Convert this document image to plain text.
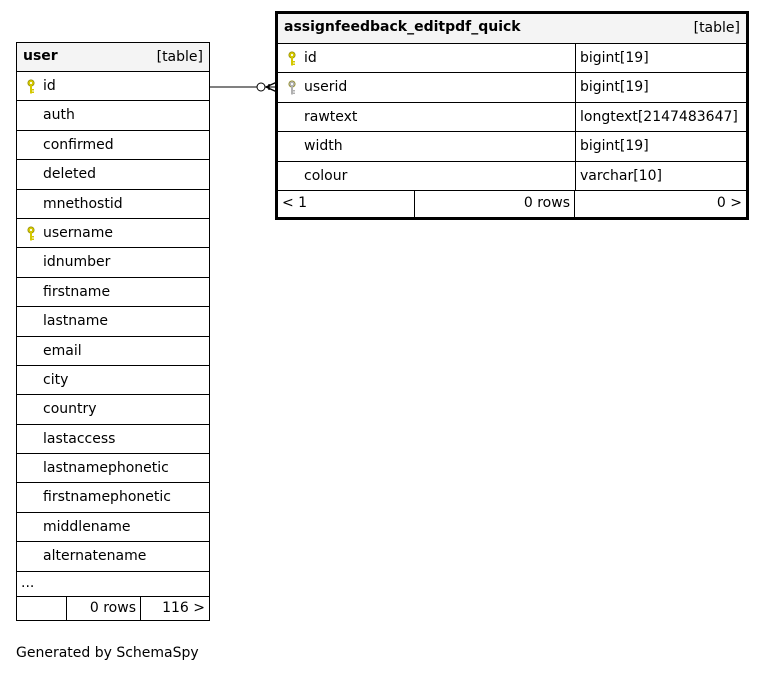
user	[table]
id
auth
confirmed
deleted
mnethostid
username
idnumber
firstname
lastname
email
city
country
lastaccess
lastnamephonetic
firstnamephonetic
middlename
alternatename
...
0 rows	116 >
assignfeedback_editpdf_quick	[table]
id	bigint[19]
userid	bigint[19]
rawtext	longtext[2147483647]
width	bigint[19]
colour	varchar[10]
< 1	0 rows	0 >
Generated by SchemaSpy
